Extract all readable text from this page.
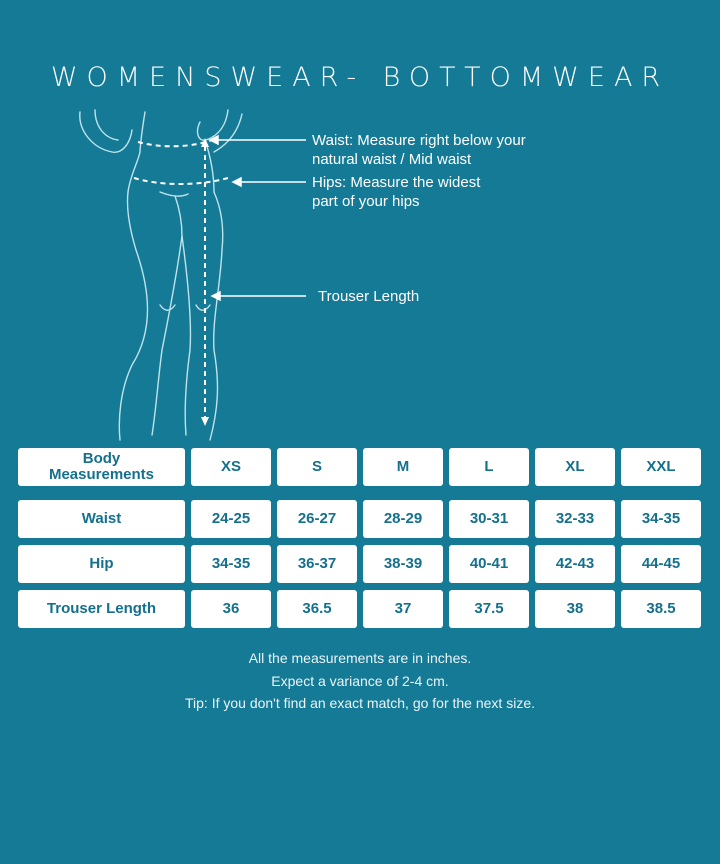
WOMENSWEAR- BOTTOMWEAR
Waist: Measure right below your
natural waist / Mid waist
Hips: Measure the widest
part of your hips
Trouser Length
Body
Measurements	XS	S	M	L	XL	XXL
Waist	24-25	26-27	28-29	30-31	32-33	34-35
Hip	34-35	36-37	38-39	40-41	42-43	44-45
Trouser Length	36	36.5	37	37.5	38	38.5
All the measurements are in inches.
Expect a variance of 2-4 cm.
Tip: If you don't find an exact match, go for the next size.
